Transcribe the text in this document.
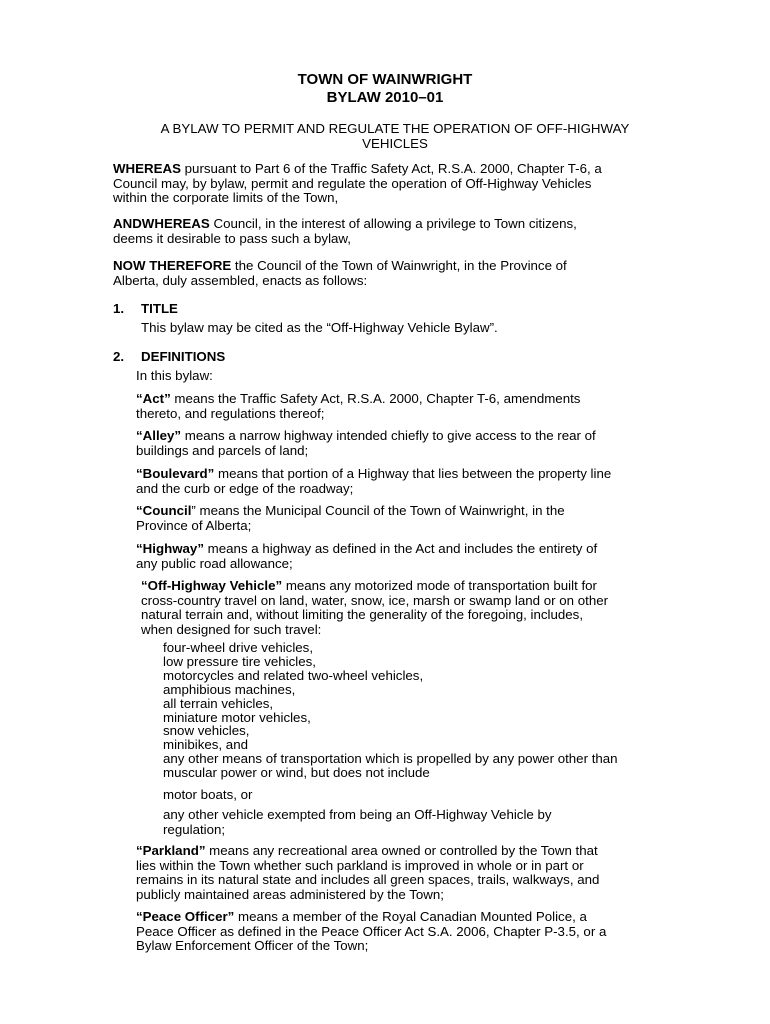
TOWN OF WAINWRIGHT
BYLAW 2010–01
A BYLAW TO PERMIT AND REGULATE THE OPERATION OF OFF-HIGHWAY
VEHICLES
WHEREAS pursuant to Part 6 of the Traffic Safety Act, R.S.A. 2000, Chapter T-6, a
Council may, by bylaw, permit and regulate the operation of Off-Highway Vehicles
within the corporate limits of the Town,
ANDWHEREAS Council, in the interest of allowing a privilege to Town citizens,
deems it desirable to pass such a bylaw,
NOW THEREFORE the Council of the Town of Wainwright, in the Province of
Alberta, duly assembled, enacts as follows:
1. TITLE
This bylaw may be cited as the “Off-Highway Vehicle Bylaw”.
2. DEFINITIONS
In this bylaw:
“Act” means the Traffic Safety Act, R.S.A. 2000, Chapter T-6, amendments
thereto, and regulations thereof;
“Alley” means a narrow highway intended chiefly to give access to the rear of
buildings and parcels of land;
“Boulevard” means that portion of a Highway that lies between the property line
and the curb or edge of the roadway;
“Council” means the Municipal Council of the Town of Wainwright, in the
Province of Alberta;
“Highway” means a highway as defined in the Act and includes the entirety of
any public road allowance;
“Off-Highway Vehicle” means any motorized mode of transportation built for
cross-country travel on land, water, snow, ice, marsh or swamp land or on other
natural terrain and, without limiting the generality of the foregoing, includes,
when designed for such travel:
four-wheel drive vehicles,
low pressure tire vehicles,
motorcycles and related two-wheel vehicles,
amphibious machines,
all terrain vehicles,
miniature motor vehicles,
snow vehicles,
minibikes, and
any other means of transportation which is propelled by any power other than
muscular power or wind, but does not include
motor boats, or
any other vehicle exempted from being an Off-Highway Vehicle by
regulation;
“Parkland” means any recreational area owned or controlled by the Town that
lies within the Town whether such parkland is improved in whole or in part or
remains in its natural state and includes all green spaces, trails, walkways, and
publicly maintained areas administered by the Town;
“Peace Officer” means a member of the Royal Canadian Mounted Police, a
Peace Officer as defined in the Peace Officer Act S.A. 2006, Chapter P-3.5, or a
Bylaw Enforcement Officer of the Town;
